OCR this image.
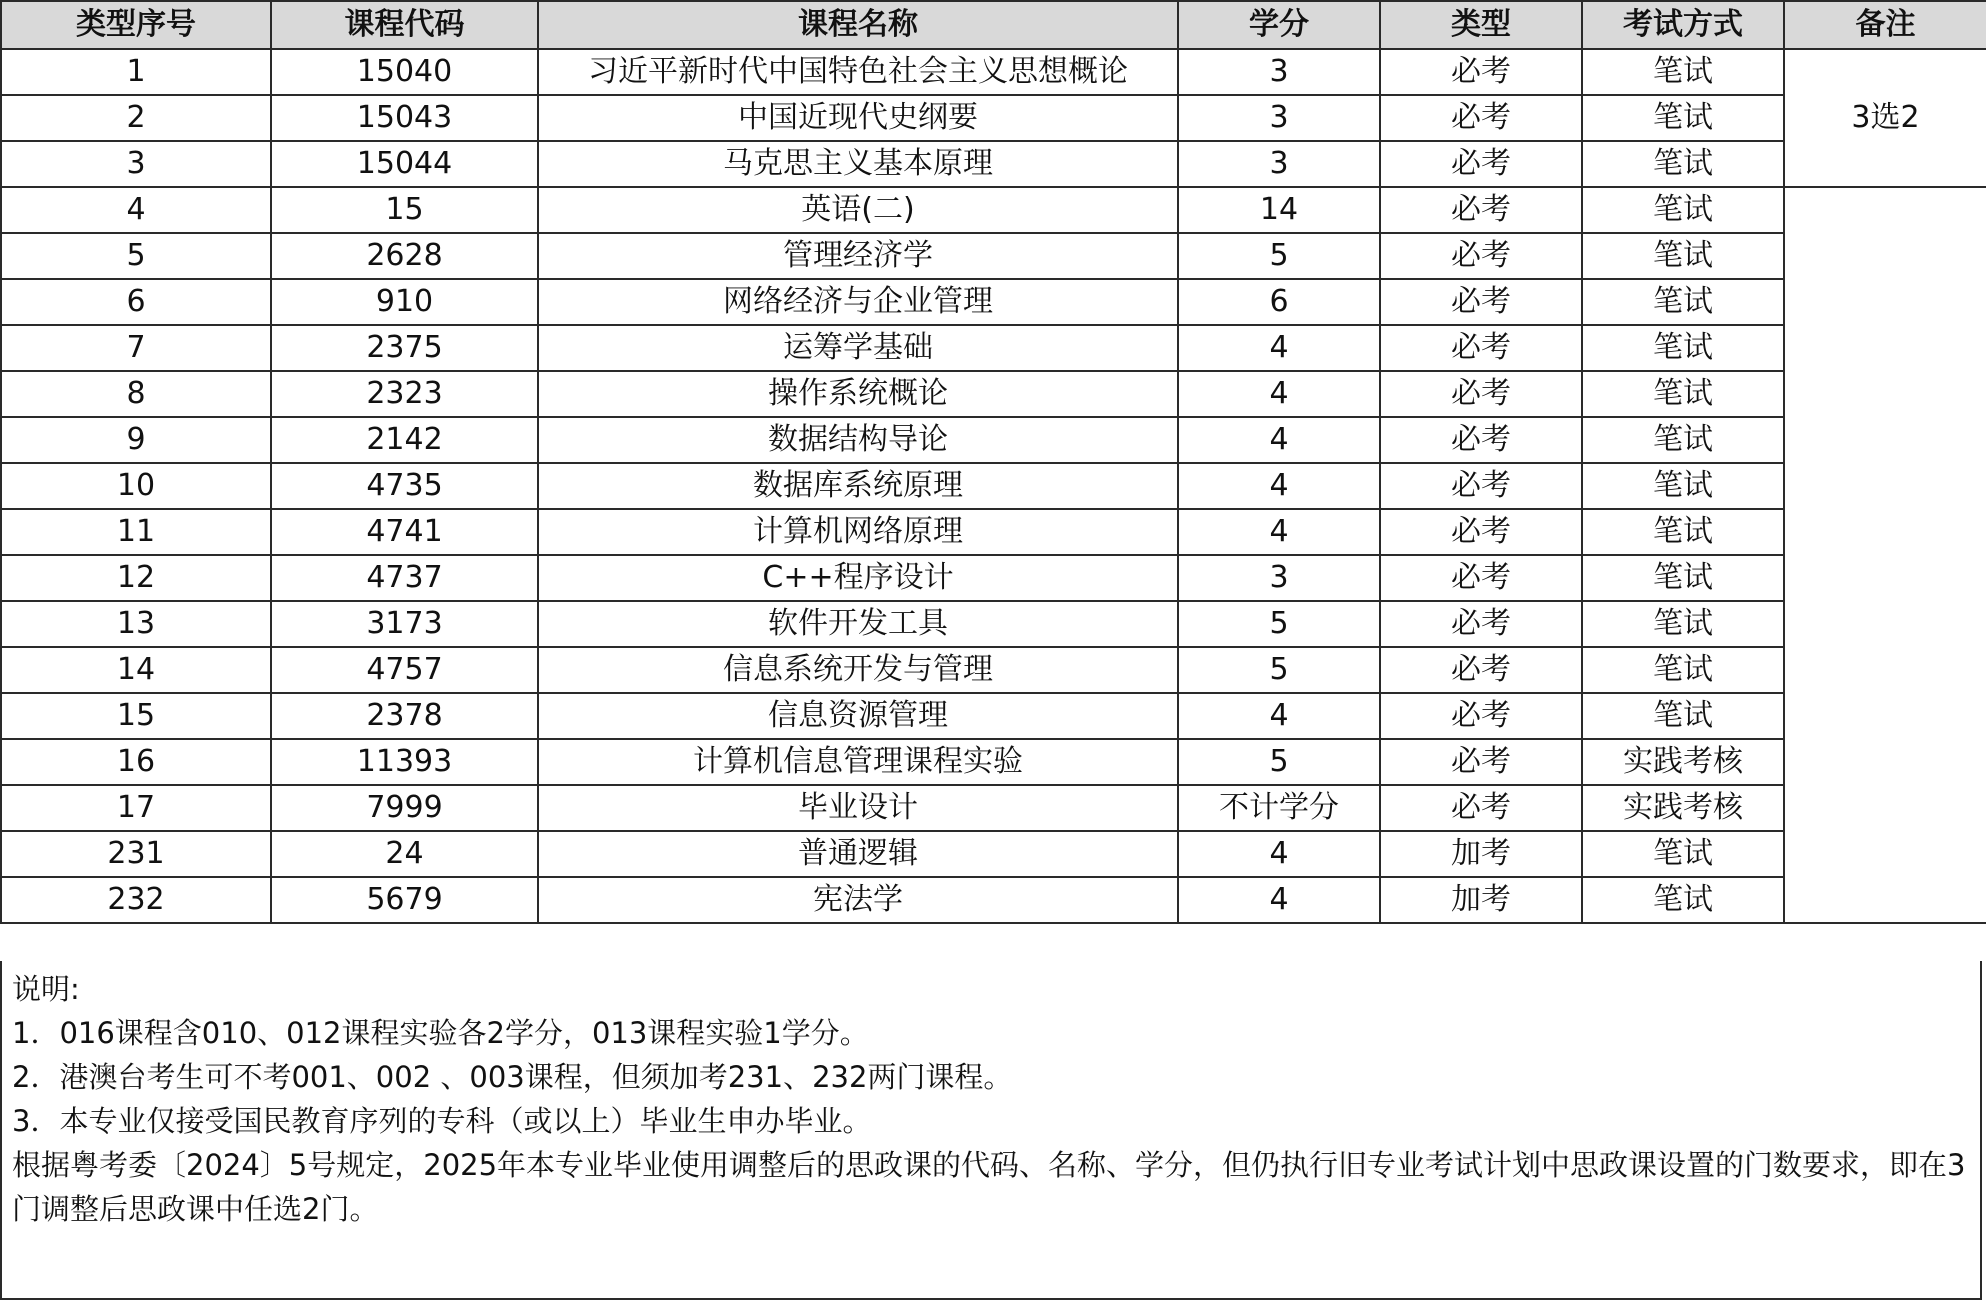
类型序号	课程代码	课程名称	学分	类型	考试方式	备注
1	15040	习近平新时代中国特色社会主义思想概论	3	必考	笔试	3选2
2	15043	中国近现代史纲要	3	必考	笔试	
3	15044	马克思主义基本原理	3	必考	笔试	
4	15	英语(二)	14	必考	笔试	
5	2628	管理经济学	5	必考	笔试	
6	910	网络经济与企业管理	6	必考	笔试	
7	2375	运筹学基础	4	必考	笔试	
8	2323	操作系统概论	4	必考	笔试	
9	2142	数据结构导论	4	必考	笔试	
10	4735	数据库系统原理	4	必考	笔试	
11	4741	计算机网络原理	4	必考	笔试	
12	4737	C++程序设计	3	必考	笔试	
13	3173	软件开发工具	5	必考	笔试	
14	4757	信息系统开发与管理	5	必考	笔试	
15	2378	信息资源管理	4	必考	笔试	
16	11393	计算机信息管理课程实验	5	必考	实践考核	
17	7999	毕业设计	不计学分	必考	实践考核	
231	24	普通逻辑	4	加考	笔试	
232	5679	宪法学	4	加考	笔试	
说明:
1．016课程含010、012课程实验各2学分，013课程实验1学分。
2．港澳台考生可不考001、002 、003课程，但须加考231、232两门课程。
3．本专业仅接受国民教育序列的专科（或以上）毕业生申办毕业。
根据粤考委〔2024〕5号规定，2025年本专业毕业使用调整后的思政课的代码、名称、学分，但仍执行旧专业考试计划中思政课设置的门数要求，即在3门调整后思政课中任选2门。
